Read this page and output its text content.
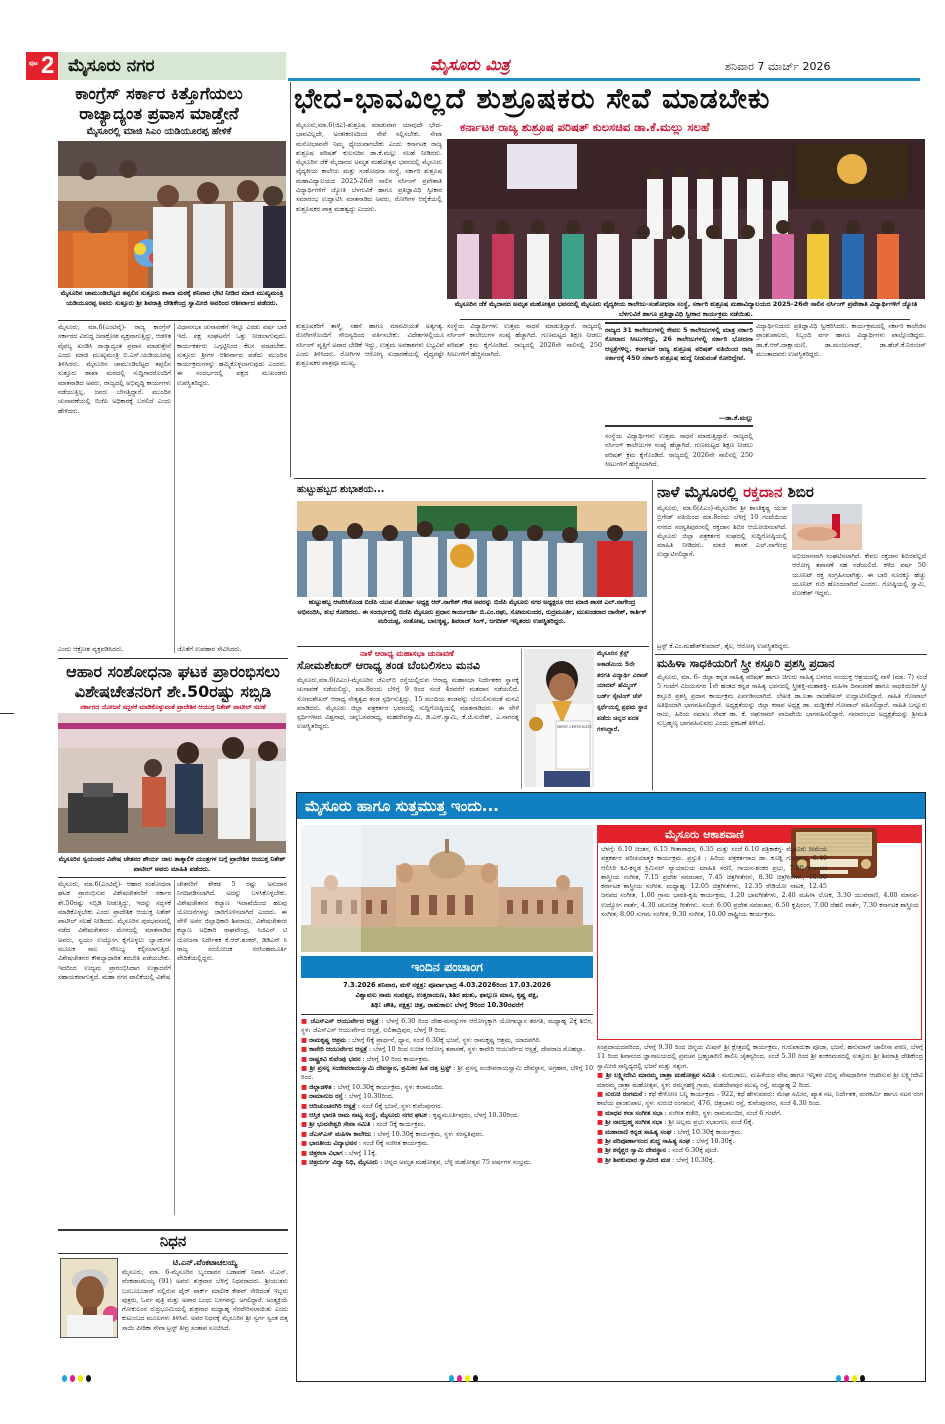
ಪುಟ 2 ಮೈಸೂರು ನಗರ	ಮೈಸೂರು ಮಿತ್ರ	ಶನಿವಾರ 7 ಮಾರ್ಚ್ 2026
ಕಾಂಗ್ರೆಸ್ ಸರ್ಕಾರ ಕಿತ್ತೊಗೆಯಲು
ರಾಜ್ಯಾದ್ಯಂತ ಪ್ರವಾಸ ಮಾಡ್ತೇನೆ
ಮೈಸೂರಲ್ಲಿ ಮಾಜಿ ಸಿಎಂ ಯಡಿಯೂರಪ್ಪ ಹೇಳಿಕೆ
ಮೈಸೂರಿನ ಚಾಮುಂಡಿಬೆಟ್ಟದ ತಪ್ಪಲಿನ ಸುತ್ತೂರು ಶಾಖಾ ಮಠಕ್ಕೆ ಶನಿವಾರ ಭೇಟಿ ನೀಡಿದ ಮಾಜಿ ಮುಖ್ಯಮಂತ್ರಿ ಯಡಿಯೂರಪ್ಪ ಅವರು ಸುತ್ತೂರು ಶ್ರೀ ಶಿವರಾತ್ರಿ ದೇಶಿಕೇಂದ್ರ ಸ್ವಾಮೀಜಿ ಅವರಿಂದ ಆಶೀರ್ವಾದ ಪಡೆದರು.
ಮೈಸೂರು, ಮಾ.6(ಎಂಟಿವೈ)- ರಾಜ್ಯ ಕಾಂಗ್ರೆಸ್ ಸರ್ಕಾರದ ವಿರುದ್ಧ ಜನಾಕ್ರೋಶ ವ್ಯಕ್ತವಾಗುತ್ತಿದ್ದು, ಆಡಳಿತ ವೈಫಲ್ಯ ಖಂಡಿಸಿ ರಾಜ್ಯಾದ್ಯಂತ ಪ್ರವಾಸ ಮಾಡುತ್ತೇನೆ ಎಂದು ಮಾಜಿ ಮುಖ್ಯಮಂತ್ರಿ ಬಿ.ಎಸ್.ಯಡಿಯೂರಪ್ಪ ತಿಳಿಸಿದರು. ಮೈಸೂರಿನ ಚಾಮುಂಡಿಬೆಟ್ಟದ ತಪ್ಪಲಿನ ಸುತ್ತೂರು ಶಾಖಾ ಮಠದಲ್ಲಿ ಸುದ್ದಿಗಾರರೊಂದಿಗೆ ಮಾತನಾಡಿದ ಅವರು, ರಾಜ್ಯದಲ್ಲಿ ಅಭಿವೃದ್ಧಿ ಕಾರ್ಯಗಳು ನಡೆಯುತ್ತಿಲ್ಲ. ಜನರು ಬೇಸತ್ತಿದ್ದಾರೆ. ಮುಂದಿನ ಚುನಾವಣೆಯಲ್ಲಿ ಬಿಜೆಪಿ ಅಧಿಕಾರಕ್ಕೆ ಬರಲಿದೆ ಎಂದು ಹೇಳಿದರು.
ವಿಧಾನಸಭಾ ಚುನಾವಣೆಗೆ ಇನ್ನೂ ಎರಡು ವರ್ಷ ಬಾಕಿ ಇದೆ. ಪಕ್ಷ ಸಂಘಟನೆಗೆ ಒತ್ತು ನೀಡಲಾಗುವುದು. ಕಾರ್ಯಕರ್ತರು ಒಗ್ಗಟ್ಟಿನಿಂದ ಕೆಲಸ ಮಾಡಬೇಕು. ಸುತ್ತೂರು ಶ್ರೀಗಳ ಆಶೀರ್ವಾದ ಪಡೆದು ಮುಂದಿನ ಕಾರ್ಯಕ್ರಮಗಳನ್ನು ಹಮ್ಮಿಕೊಳ್ಳಲಾಗುವುದು ಎಂದರು. ಈ ಸಂದರ್ಭದಲ್ಲಿ ಪಕ್ಷದ ಮುಖಂಡರು ಉಪಸ್ಥಿತರಿದ್ದರು.
ಎಂದು ಆಕ್ರೋಶ ವ್ಯಕ್ತಪಡಿಸಿದರು.	ಜೊತೆಗೆ ಉಪಹಾರ ಸೇವಿಸಿದರು.
ಆಹಾರ ಸಂಶೋಧನಾ ಘಟಕ ಪ್ರಾರಂಭಿಸಲು
ವಿಶೇಷಚೇತನರಿಗೆ ಶೇ.50ರಷ್ಟು ಸಬ್ಸಿಡಿ
ಸರ್ಕಾರದ ಯೋಜನೆ ಸದ್ಬಳಕೆ ಮಾಡಿಕೊಳ್ಳುವಂತೆ ಪ್ರಾದೇಶಿಕ ಆಯುಕ್ತ ನಿತೇಶ್ ಪಾಟೀಲ್ ಸಲಹೆ
ಮೈಸೂರಿನ ಸ್ವಯಂವರ ವಿಶೇಷ ಚೇತನರ ಶೌರ್ಯ ಜಾಲ ತಾತ್ಕಾಲಿಕ ಯಂತ್ರಗಳ ಬಗ್ಗೆ ಪ್ರಾದೇಶಿಕ ಆಯುಕ್ತ ನಿತೇಶ್ ಪಾಟೀಲ್ ಅವರು ಮಾಹಿತಿ ಪಡೆದರು.
ಮೈಸೂರು, ಮಾ.6(ಎಂಟಿವೈ)- ಆಹಾರ ಸಂಶೋಧನಾ ಘಟಕ ಪ್ರಾರಂಭಿಸುವ ವಿಶೇಷಚೇತನರಿಗೆ ಸರ್ಕಾರ ಶೇ.50ರಷ್ಟು ಸಬ್ಸಿಡಿ ನೀಡುತ್ತಿದ್ದು, ಇದನ್ನು ಸದ್ಬಳಕೆ ಮಾಡಿಕೊಳ್ಳಬೇಕು ಎಂದು ಪ್ರಾದೇಶಿಕ ಆಯುಕ್ತ ನಿತೇಶ್ ಪಾಟೀಲ್ ಸಲಹೆ ನೀಡಿದರು. ಮೈಸೂರಿನ ಪುರಭವನದಲ್ಲಿ ನಡೆದ ವಿಶೇಷಚೇತನರ ಮೇಳದಲ್ಲಿ ಮಾತನಾಡಿದ ಅವರು, ಸ್ವಯಂ ಉದ್ಯೋಗ ಕೈಗೊಳ್ಳಲು ಬ್ಯಾಂಕುಗಳ ಮೂಲಕ ಸಾಲ ಸೌಲಭ್ಯ ಕಲ್ಪಿಸಲಾಗುತ್ತಿದೆ. ವಿಶೇಷಚೇತನರ ಕೌಶಲ್ಯಾಧಾರಿತ ತರಬೇತಿ ಪಡೆಯಬೇಕು. ಇದರಿಂದ ಉದ್ಯಮ ಪ್ರಾರಂಭಿಸಿದಾಗ ಉತ್ಪಾದನೆಗೆ ಸಹಾಯಕವಾಗುತ್ತದೆ. ಮಹಾ ನಗರ ಪಾಲಿಕೆಯಲ್ಲಿ ವಿಶೇಷ
ಚೇತನರಿಗೆ ಶೇಕಡ 5 ರಷ್ಟು ಅನುದಾನ ನಿಗದಿಪಡಿಸಲಾಗಿದೆ. ಅದನ್ನು ಬಳಸಿಕೊಳ್ಳಬೇಕು. ವಿಶೇಷಚೇತನರ ಕಲ್ಯಾಣ ಇಲಾಖೆಯಿಂದ ಹಲವು ಯೋಜನೆಗಳನ್ನು ಜಾರಿಗೊಳಿಸಲಾಗಿದೆ ಎಂದರು. ಈ ವೇಳೆ ಅಪರ ಜಿಲ್ಲಾಧಿಕಾರಿ ಶಿವರಾಜು, ವಿಶೇಷಚೇತನರ ಕಲ್ಯಾಣ ಅಧಿಕಾರಿ ರಾಘವೇಂದ್ರ, ಸಿಜಿಎನ್ ಟಿ ಯೋಜನಾ ನಿರ್ದೇಶಕ ಕೆ.ಆರ್.ಶಂಕರ್, ಡಿಡಿಎನ್ ಸಿ ರಾಜ್ಯ ಸಂಯೋಜಕ ನರಸಿಂಹಮೂರ್ತಿ ವೇದಿಕೆಯಲ್ಲಿದ್ದರು.
ನಿಧನ
ಟಿ.ಎನ್.ವೆಂಕಟಾಚಲಯ್ಯ
ಮೈಸೂರು, ಮಾ. 6-ಮೈಸೂರಿನ ಬೃಂದಾವನ ಬಡಾವಣೆ ನಿವಾಸಿ ಟಿ.ಎನ್. ವೆಂಕಟಾಚಲಯ್ಯ (91) ಅವರು ಶುಕ್ರವಾರ ಬೆಳಿಗ್ಗೆ ನಿಧನರಾದರು. ಶ್ರೀಯುತರು ಬಂಬೂಬಜಾರ್ ನಲ್ಲಿರುವ ಟೈರ್ ಪಾರ್ಕ್ ಮಾಲೀಕ ಕೇಶವ್ ಸೇರಿದಂತೆ ಇಬ್ಬರು ಪುತ್ರರು, ಓರ್ವ ಪುತ್ರಿ ಮತ್ತು ಅಪಾರ ಬಂಧು ಬಳಗವನ್ನು ಅಗಲಿದ್ದಾರೆ. ಅಂತ್ಯಕ್ರಿಯೆ ಗೋಕುಲಂನ ರುದ್ರಭೂಮಿಯಲ್ಲಿ ಶುಕ್ರವಾರ ಮಧ್ಯಾಹ್ನ ನೆರವೇರಿಸಲಾಯಿತು ಎಂದು ಕುಟುಂಬದ ಮೂಲಗಳು ತಿಳಿಸಿವೆ. ಅವರ ನಿಧನಕ್ಕೆ ಮೈಸೂರಿನ ಶ್ರೀ ಸ್ವರ್ಗ ಸ್ವಂತ ದತ್ತ ಸಾಯಿ ಪೀಠಿಕಾ ಸೇವಾ ಟ್ರಸ್ಟ್ ತೀವ್ರ ಸಂತಾಪ ಸೂಚಿಸಿದೆ.
ಭೇದ-ಭಾವವಿಲ್ಲದೆ ಶುಶ್ರೂಷಕರು ಸೇವೆ ಮಾಡಬೇಕು
ಕರ್ನಾಟಕ ರಾಜ್ಯ ಶುಶ್ರೂಷ ಪರಿಷತ್ ಕುಲಸಚಿವ ಡಾ.ಕೆ.ಮಲ್ಲು ಸಲಹೆ
ಮೈಸೂರು,ಮಾ.6(ಜಿಎ)-ಶುಶ್ರೂಷ ಮಾಡುವಾಗ ಯಾವುದೇ ಭೇದ-ಭಾವವಿಲ್ಲದೇ, ಅಂತಃಕರಣದಿಂದ ಸೇವೆ ಸಲ್ಲಿಸಬೇಕು. ಸೇವಾ ಮನೋಭಾವನೇ ನಿಮ್ಮ ಧ್ಯೇಯವಾಗಬೇಕು ಎಂದು ಕರ್ನಾಟಕ ರಾಜ್ಯ ಶುಶ್ರೂಷ ಪರಿಷತ್ ಕುಲಸಚಿವ ಡಾ.ಕೆ.ಮಲ್ಲು ಸಲಹೆ ನೀಡಿದರು. ಮೈಸೂರಿನ ಜೆಕೆ ಮೈದಾನದ ಅಮೃತ ಮಹೋತ್ಸವ ಭವನದಲ್ಲಿ ಮೈಸೂರು ವೈದ್ಯಕೀಯ ಕಾಲೇಜು ಮತ್ತು ಸಂಶೋಧನಾ ಸಂಸ್ಥೆ, ಸರ್ಕಾರಿ ಶುಶ್ರೂಷ ಮಹಾವಿದ್ಯಾಲಯದ 2025-26ನೇ ಸಾಲಿನ ನರ್ಸಿಂಗ್ ಪ್ರವೇಶಾತಿ ವಿದ್ಯಾರ್ಥಿಗಳಿಗೆ ಜ್ಯೋತಿ ಬೆಳಗುವಿಕೆ ಹಾಗೂ ಪ್ರತಿಜ್ಞಾವಿಧಿ ಸ್ವೀಕಾರ ಸಮಾರಂಭ ಉದ್ಘಾಟಿಸಿ ಮಾತನಾಡಿದ ಅವರು, ರೋಗಿಗಳ ಆರೈಕೆಯಲ್ಲಿ ಶುಶ್ರೂಷಕರ ಪಾತ್ರ ಮಹತ್ವದ್ದು ಎಂದರು.
ಮೈಸೂರಿನ ಜೆಕೆ ಮೈದಾನದ ಅಮೃತ ಮಹೋತ್ಸವ ಭವನದಲ್ಲಿ ಮೈಸೂರು ವೈದ್ಯಕೀಯ ಕಾಲೇಜು-ಸಂಶೋಧನಾ ಸಂಸ್ಥೆ, ಸರ್ಕಾರಿ ಶುಶ್ರೂಷ ಮಹಾವಿದ್ಯಾಲಯದ 2025-26ನೇ ಸಾಲಿನ ನರ್ಸಿಂಗ್ ಪ್ರವೇಶಾತಿ ವಿದ್ಯಾರ್ಥಿಗಳಿಗೆ ಜ್ಯೋತಿ ಬೆಳಗುವಿಕೆ ಹಾಗೂ ಪ್ರತಿಜ್ಞಾವಿಧಿ ಸ್ವೀಕಾರ ಕಾರ್ಯಕ್ರಮ ನಡೆಯಿತು.
ಶುಶ್ರೂಷಕರಿಗೆ ತಾಳ್ಮೆ, ಸಹನೆ ಹಾಗೂ ಮಾನವೀಯತೆ ಅತ್ಯಗತ್ಯ. ರೋಗಿಗಳೊಂದಿಗೆ ಸೌಜನ್ಯದಿಂದ ವರ್ತಿಸಬೇಕು. ವಿದೇಶಗಳಲ್ಲಿಯೂ ನರ್ಸಿಂಗ್ ವೃತ್ತಿಗೆ ಅಪಾರ ಬೇಡಿಕೆ ಇದ್ದು, ಉತ್ತಮ ಅವಕಾಶಗಳು ಲಭ್ಯವಿವೆ ಎಂದು ತಿಳಿಸಿದರು. ರೋಗಿಗಳ ಆರೋಗ್ಯ ಸುಧಾರಣೆಯಲ್ಲಿ ವೈದ್ಯರಷ್ಟೇ ಶುಶ್ರೂಷಕರ ಪಾತ್ರವೂ ಮುಖ್ಯ.
ಸಂಸ್ಥೆಯ ವಿದ್ಯಾರ್ಥಿಗಳು ಉತ್ತಮ ಸಾಧನೆ ಮಾಡುತ್ತಿದ್ದಾರೆ. ರಾಜ್ಯದಲ್ಲಿ ನರ್ಸಿಂಗ್ ಕಾಲೇಜುಗಳ ಸಂಖ್ಯೆ ಹೆಚ್ಚಾಗಿದೆ. ಗುಣಮಟ್ಟದ ಶಿಕ್ಷಣ ನೀಡಲು ಪರಿಷತ್ ಕ್ರಮ ಕೈಗೊಂಡಿದೆ. ರಾಜ್ಯದಲ್ಲಿ 2026ನೇ ಸಾಲಿನಲ್ಲಿ 250 ಸೀಟುಗಳಿಗೆ ಹೆಚ್ಚಿಸಲಾಗಿದೆ.
ರಾಜ್ಯದ 31 ಕಾಲೇಜುಗಳಲ್ಲಿ ಕೇವಲ 5 ಕಾಲೇಜುಗಳಲ್ಲಿ ಮಾತ್ರ ಸರ್ಕಾರಿ ಕೋಟಾದ ಸೀಟುಗಳಿದ್ದು, 26 ಕಾಲೇಜುಗಳಲ್ಲಿ ಸರ್ಕಾರಿ ಭೋದನಾ ಆಸ್ಪತ್ರೆಗಳಿಲ್ಲ. ಕರ್ನಾಟಕ ರಾಜ್ಯ ಶುಶ್ರೂಷ ಪರಿಷತ್ ವತಿಯಿಂದ ರಾಜ್ಯ ಸರ್ಕಾರಕ್ಕೆ 450 ಸರ್ಕಾರಿ ಶುಶ್ರೂಷ ಹುದ್ದೆ ನೀಡುವಂತೆ ಕೋರಿದ್ದೇವೆ.
—ಡಾ.ಕೆ.ಮಲ್ಲು
ಸಂಸ್ಥೆಯ ವಿದ್ಯಾರ್ಥಿಗಳು ಉತ್ತಮ ಸಾಧನೆ ಮಾಡುತ್ತಿದ್ದಾರೆ. ರಾಜ್ಯದಲ್ಲಿ ನರ್ಸಿಂಗ್ ಕಾಲೇಜುಗಳ ಸಂಖ್ಯೆ ಹೆಚ್ಚಾಗಿದೆ. ಗುಣಮಟ್ಟದ ಶಿಕ್ಷಣ ನೀಡಲು ಪರಿಷತ್ ಕ್ರಮ ಕೈಗೊಂಡಿದೆ. ರಾಜ್ಯದಲ್ಲಿ 2026ನೇ ಸಾಲಿನಲ್ಲಿ 250 ಸೀಟುಗಳಿಗೆ ಹೆಚ್ಚಿಸಲಾಗಿದೆ.
ವಿದ್ಯಾರ್ಥಿನಿಯರು ಪ್ರತಿಜ್ಞಾವಿಧಿ ಸ್ವೀಕರಿಸಿದರು. ಕಾರ್ಯಕ್ರಮದಲ್ಲಿ ಸರ್ಕಾರಿ ಕಾಲೇಜಿನ ಪ್ರಾಂಶುಪಾಲರು, ಸಿಬ್ಬಂದಿ ವರ್ಗ ಹಾಗೂ ವಿದ್ಯಾರ್ಥಿಗಳು ಪಾಲ್ಗೊಂಡಿದ್ದರು. ಡಾ.ಕೆ.ಆರ್.ದಾಕ್ಷಾಯಣಿ, ಡಾ.ಮಂಜುನಾಥ್, ಡಾ.ಹೆಚ್.ಕೆ.ನಿರಂಜನ್ ಮುಂತಾದವರು ಉಪಸ್ಥಿತರಿದ್ದರು.
ಹುಟ್ಟುಹಬ್ಬದ ಶುಭಾಶಯ...
ಹುಟ್ಟುಹಬ್ಬ ಆಚರಿಸಿಕೊಂಡ ಬಿಜೆಪಿ ಯುವ ಮೋರ್ಚಾ ಅಧ್ಯಕ್ಷ ಆರ್.ನಾಗೇಶ್ ಗೌಡ ಅವರನ್ನು ಬಿಜೆಪಿ ಮೈಸೂರು ನಗರ ಅಧ್ಯಕ್ಷರೂ ಆದ ಮಾಜಿ ಶಾಸಕ ಎಲ್.ನಾಗೇಂದ್ರ ಅಭಿನಂದಿಸಿ, ಶುಭ ಕೋರಿದರು. ಈ ಸಂದರ್ಭದಲ್ಲಿ ಬಿಜೆಪಿ ಮೈಸೂರು ಪ್ರಧಾನ ಕಾರ್ಯದರ್ಶಿ ಬಿ.ಎಂ.ರಘು, ಸೋಮಸುಂದರ, ರುದ್ರಮೂರ್ತಿ, ಮುಖಂಡರಾದ ದಾನೇಶ್, ಕಾರ್ತಿಕ್ ಮರಿಯಪ್ಪ, ಸಂತೋಷ, ಬಾಲಕೃಷ್ಣ, ಶಿವರಾಜ್ ಸಿಂಗ್, ಜಗದೀಶ್ ಇನ್ನಿತರರು ಉಪಸ್ಥಿತರಿದ್ದರು.
ನಾಳೆ ಆರಾಧ್ಯ ಮಹಾಸಭಾ ಚುನಾವಣೆ
ಸೋಮಶೇಖರ್ ಆರಾಧ್ಯ ತಂಡ ಬೆಂಬಲಿಸಲು ಮನವಿ
ಮೈಸೂರು,ಮಾ.6(ಪಿಎಂ)-ಮೈಸೂರಿನ ಜೆಎಲ್‌ಬಿ ರಸ್ತೆಯಲ್ಲಿರುವ ಆರಾಧ್ಯ ಮಹಾಸಭಾ ನಿರ್ದೇಶಕರ ಸ್ಥಾನಕ್ಕೆ ಚುನಾವಣೆ ನಡೆಯಲಿದ್ದು, ಮಾ.8ರಂದು ಬೆಳಿಗ್ಗೆ 9 ರಿಂದ ಸಂಜೆ 4ರವರೆಗೆ ಮತದಾನ ನಡೆಯಲಿದೆ. ಸೋಮಶೇಖರ್ ಆರಾಧ್ಯ ನೇತೃತ್ವದ ತಂಡ ಸ್ಪರ್ಧಿಸುತ್ತಿದ್ದು, 15 ಮಂದಿಯ ತಂಡವನ್ನು ಬೆಂಬಲಿಸುವಂತೆ ಮನವಿ ಮಾಡಿದರು. ಮೈಸೂರು ಜಿಲ್ಲಾ ಪತ್ರಕರ್ತರ ಭವನದಲ್ಲಿ ಸುದ್ದಿಗೋಷ್ಠಿಯಲ್ಲಿ ಮಾತನಾಡಿದರು. ಈ ವೇಳೆ ಸ್ಪರ್ಧಿಗಳಾದ ವಿಶ್ವನಾಥ, ಚನ್ನಬಸವರಾಧ್ಯ, ಮಹದೇವಸ್ವಾಮಿ, ಡಿ.ಎಸ್.ಸ್ವಾಮಿ, ಕೆ.ಜಿ.ಸುರೇಶ್, ಎ.ನಾಗರತ್ನ ಉಪಸ್ಥಿತರಿದ್ದರು.	MERIT CERTIFICATE
ಮೈಸೂರಿನ ಕ್ರೆಸ್ಟ್ ಅಕಾಡೆಮಿಯ 5ನೇ ತರಗತಿ ವಿದ್ಯಾರ್ಥಿ ವಿರಾಜ್ ಯಾದವ್ ಹೆಮ್ಮಿಂಗ್ ಬರ್ಡ್ ಸ್ಕೇಟಿಂಗ್ ಚೆಸ್ ಸ್ಪರ್ಧೆಯಲ್ಲಿ ಪ್ರಥಮ ಸ್ಥಾನ ಪಡೆದು ಚಿನ್ನದ ಪದಕ ಗಳಿಸಿದ್ದಾರೆ.
ನಾಳೆ ಮೈಸೂರಲ್ಲಿ ರಕ್ತದಾನ ಶಿಬಿರ
ಮೈಸೂರು, ಮಾ.6(ಪಿಎಂ)-ಮೈಸೂರಿನ ಶ್ರೀ ಶಾಂತಿಕೃಷ್ಣ ಯುವ ಬ್ರಿಗೇಡ್ ವತಿಯಿಂದ ಮಾ.8ರಂದು ಬೆಳಿಗ್ಗೆ 10 ಗಂಟೆಯಿಂದ ನಗರದ ಸರಸ್ವತಿಪುರಂನಲ್ಲಿ ರಕ್ತದಾನ ಶಿಬಿರ ಆಯೋಜಿಸಲಾಗಿದೆ. ಮೈಸೂರು ಜಿಲ್ಲಾ ಪತ್ರಕರ್ತರ ಸಂಘದಲ್ಲಿ ಸುದ್ದಿಗೋಷ್ಠಿಯಲ್ಲಿ ಮಾಹಿತಿ ನೀಡಿದರು. ಮಾಜಿ ಶಾಸಕ ಎಲ್.ನಾಗೇಂದ್ರ ಉದ್ಘಾಟಿಸಲಿದ್ದಾರೆ.	ಅಭಿಯಾನವಾಗಿ ಸಂಘಟಿಸಲಾಗಿದೆ. ಕೇವಲ ರಕ್ತದಾನ ಶಿಬಿರವಲ್ಲದೆ ಆರೋಗ್ಯ ತಪಾಸಣೆ ಸಹ ನಡೆಯಲಿದೆ. ಕಳೆದ ವರ್ಷ 50 ಯೂನಿಟ್ ರಕ್ತ ಸಂಗ್ರಹಿಸಲಾಗಿತ್ತು. ಈ ಬಾರಿ ನೂರಕ್ಕೂ ಹೆಚ್ಚು ಯೂನಿಟ್ ಗುರಿ ಹೊಂದಲಾಗಿದೆ ಎಂದರು. ಗೋಷ್ಠಿಯಲ್ಲಿ ಸ್ವಾಮಿ, ಲೋಕೇಶ್ ಇದ್ದರು.
ಟ್ರಸ್ಟ್ ಕೆ.ಎಂ.ಮಹೇಶ್‌ಕುಮಾರ್, ತೈಲ, ಆರೋಗ್ಯ ಉಪಸ್ಥಿತರಿದ್ದರು.
ಮಹಿಳಾ ಸಾಧಕಿಯರಿಗೆ ಸ್ತ್ರೀ ಕಸ್ತೂರಿ ಪ್ರಶಸ್ತಿ ಪ್ರದಾನ
ಮೈಸೂರು, ಮಾ. 6- ಜಿಲ್ಲಾ ಕನ್ನಡ ಸಾಹಿತ್ಯ ಪರಿಷತ್ ಹಾಗೂ ಚಿಗುರು ಸಾಹಿತ್ಯ ಬಳಗದ ಸಂಯುಕ್ತ ಆಶ್ರಯದಲ್ಲಿ ನಾಳೆ (ಮಾ. 7) ಸಂಜೆ 5 ಗಂಟೆಗೆ ವಿಜಯನಗರ 1ನೇ ಹಂತದ ಕನ್ನಡ ಸಾಹಿತ್ಯ ಭವನದಲ್ಲಿ ಸ್ತ್ರೀಶಕ್ತಿ-ಮಹಾಶಕ್ತಿ- ಮಹಿಳಾ ದಿನಾಚರಣೆ ಹಾಗೂ ಸಾಧಕಿಯರಿಗೆ ಸ್ತ್ರೀ ಕಸ್ತೂರಿ ಪ್ರಶಸ್ತಿ ಪ್ರದಾನ ಕಾರ್ಯಕ್ರಮ ಏರ್ಪಡಿಸಲಾಗಿದೆ. ಲೇಖಕಿ ಡಾ.ಲತಾ ರಾಜಶೇಖರ್ ಉದ್ಘಾಟಿಸಲಿದ್ದಾರೆ. ಸಾಹಿತಿ ಗೋಪಾಲ್ ಅತಿಥಿಯಾಗಿ ಭಾಗವಹಿಸಲಿದ್ದಾರೆ. ಅಧ್ಯಕ್ಷತೆಯನ್ನು ಜಿಲ್ಲಾ ಕಸಾಪ ಅಧ್ಯಕ್ಷ ಡಾ. ಮಡ್ಡೀಕೆರೆ ಗೋಪಾಲ್ ವಹಿಸಲಿದ್ದಾರೆ. ಸಾಹಿತಿ ಬನ್ನೂರು ರಾಜು, ಹಿರಿಯ ಸಮಾಜ ಸೇವಕ ಡಾ. ಕೆ. ರಘುರಾಮ್ ವಾಜಪೇಯಿ ಭಾಗವಹಿಸಲಿದ್ದಾರೆ. ಸಮಾರಂಭದ ಅಧ್ಯಕ್ಷತೆಯನ್ನು ಶ್ರೀಮತಿ ಸುಬ್ರಹ್ಮಣ್ಯ ಭಾಗವಹಿಸುವರು ಎಂದು ಪ್ರಕಟಣೆ ತಿಳಿಸಿದೆ.
ಮೈಸೂರು ಹಾಗೂ ಸುತ್ತಮುತ್ತ ಇಂದು...
ಇಂದಿನ ಪಂಚಾಂಗ
7.3.2026 ಶನಿವಾರ, ಮಳೆ ನಕ್ಷತ್ರ: ಪೂರ್ವಾಭಾದ್ರ 4.03.2026ರಿಂದ 17.03.2026
ವಿಶ್ವಾವಸು ನಾಮ ಸಂವತ್ಸರ, ಉತ್ತರಾಯಣ, ಶಿಶಿರ ಋತು, ಫಾಲ್ಗುಣ ಮಾಸ, ಕೃಷ್ಣ ಪಕ್ಷ,
ತಿಥಿ: ಚೌತಿ, ನಕ್ಷತ್ರ: ಚಿತ್ರ, ರಾಹುಕಾಲ: ಬೆಳಗ್ಗೆ 9ರಿಂದ 10.30ರವರೆಗೆ
■ ಜೆಎಸ್‌ಎಸ್ ಆಯುರ್ವೇದ ಆಸ್ಪತ್ರೆ : ಬೆಳಗ್ಗೆ 6.30 ರಿಂದ ದೇಹ-ಮನಸ್ಸುಗಳ ಆರೋಗ್ಯಕ್ಕಾಗಿ ಯೋಗಾಭ್ಯಾಸ ತರಗತಿ, ಮಧ್ಯಾಹ್ನ 2ಕ್ಕೆ ಶಿಬಿರ, ಸ್ಥಳ: ಜೆಎಸ್‌ಎಸ್ ಆಯುರ್ವೇದ ಆಸ್ಪತ್ರೆ, ಲಲಿತಾದ್ರಿಪುರ, ಬೆಳಗ್ಗೆ 9 ರಿಂದ.
■ ರಾಮಕೃಷ್ಣ ಆಶ್ರಮ : ಬೆಳಗ್ಗೆ 6ಕ್ಕೆ ಪ್ರಾರ್ಥನೆ, ಧ್ಯಾನ, ಸಂಜೆ 6.30ಕ್ಕೆ ಭಜನೆ, ಸ್ಥಳ: ರಾಮಕೃಷ್ಣ ಆಶ್ರಮ, ಯಾದವಗಿರಿ.
■ ಕಾವೇರಿ ಆಯುರ್ವೇದ ಆಸ್ಪತ್ರೆ : ಬೆಳಗ್ಗೆ 10 ರಿಂದ ಉಚಿತ ಆರೋಗ್ಯ ತಪಾಸಣೆ, ಸ್ಥಳ: ಕಾವೇರಿ ಆಯುರ್ವೇದ ಆಸ್ಪತ್ರೆ, ದೇವರಾಜ ಮೊಹಲ್ಲಾ.
■ ರಾಷ್ಟ್ರಕವಿ ಕುವೆಂಪು ಭವನ : ಬೆಳಗ್ಗೆ 10 ರಿಂದ ಕಾರ್ಯಕ್ರಮ.
■ ಶ್ರೀ ಪ್ರಸನ್ನ ಸಂಜೀವರಾಯಸ್ವಾಮಿ ದೇವಸ್ಥಾನ, ಶ್ರಮಿಕರ ಹಿತ ದತ್ತ ಟ್ರಸ್ಟ್ : ಶ್ರೀ ಪ್ರಸನ್ನ ಸಂಜೀವರಾಯಸ್ವಾಮಿ ದೇವಸ್ಥಾನ, ಅಗ್ರಹಾರ, ಬೆಳಿಗ್ಗೆ 10 ರಿಂದ.
■ ಜಿಲ್ಲಾಡಳಿತ : ಬೆಳಗ್ಗೆ 10.30ಕ್ಕೆ ಕಾರ್ಯಕ್ರಮ, ಸ್ಥಳ: ಕಲಾಮಂದಿರ.
■ ರಾಮಾನುಜ ರಸ್ತೆ : ಬೆಳಗ್ಗೆ 10.30ರಿಂದ.
■ ಆದಿಚುಂಚನಗಿರಿ ಆಸ್ಪತ್ರೆ : ಸಂಜೆ 6ಕ್ಕೆ ಭಜನೆ, ಸ್ಥಳ: ಕುವೆಂಪುನಗರ.
■ ಆಸ್ತಿಕ ಭಾರತಿ ರಾಮ ನಾಟ್ಯ ಸಂಸ್ಥೆ, ಮೈಸೂರು ನಗರ ಘಟಕ : ಕೃಷ್ಣಮೂರ್ತಿಪುರಂ, ಬೆಳಗ್ಗೆ 10.30ರಿಂದ.
■ ಶ್ರೀ ಭುವನೇಶ್ವರಿ ಸೇವಾ ಸಮಿತಿ : ಸಂಜೆ 5ಕ್ಕೆ ಕಾರ್ಯಕ್ರಮ.
■ ಜೆಎಸ್‌ಎಸ್ ಮಹಿಳಾ ಕಾಲೇಜು : ಬೆಳಗ್ಗೆ 10.30ಕ್ಕೆ ಕಾರ್ಯಕ್ರಮ, ಸ್ಥಳ: ಸರಸ್ವತಿಪುರಂ.
■ ಭಾರತೀಯ ವಿದ್ಯಾಭವನ : ಸಂಜೆ 6ಕ್ಕೆ ಸಂಗೀತ ಕಾರ್ಯಕ್ರಮ.
■ ಚಿತ್ರಕಲಾ ವಿಭಾಗ : ಬೆಳಗ್ಗೆ 11ಕ್ಕೆ.
■ ಚಿತ್ರದುರ್ಗ ವಿದ್ಯಾ ನಿಧಿ, ಮೈಸೂರು : ಚಿನ್ನದ ಅಮೃತ ಮಹೋತ್ಸವ, ಬೆಳ್ಳಿ ಮಹೋತ್ಸವ 75 ವರ್ಷಗಳ ಸಂಭ್ರಮ.
ಮೈಸೂರು ಆಕಾಶವಾಣಿ
ಬೆಳಗ್ಗೆ: 6.10 ಚಿಂತನ, 6.15 ಗೀತಾರಾಧನ, 6.35 ಮತ್ತು ಸಂಜೆ 6.10 ಪತ್ರಿಕಾಕಗ್ದ- ಮೈಸೂರು ಸೀಮೆಯ ಪತ್ರಕರ್ತರ ಪರಿಚಯಾತ್ಮಕ ಕಾರ್ಯಕ್ರಮ. ಪ್ರಸ್ತುತಿ : ಹಿರಿಯ ಪತ್ರಕರ್ತರಾದ ಡಾ. ಕೂಡ್ಲಿ ಗುರುರಾಜ, 6.40 ಆಲಿಸಿರಿ ಕಿವಿ-ಕನ್ನಡ ಕ್ರಿಮಿನಲ್ ನ್ಯಾಯಾಲಯ ಮಾಹಿತಿ ಸರಣಿ, ಗಾಯನ-ಶಂಕರ ಪ್ರಭು, 7.00 ಕರ್ನಾಟಕ ಶಾಸ್ತ್ರೀಯ ಸಂಗೀತ, 7.15 ಪ್ರದೇಶ ಸಮಾಚಾರ, 7.45 ಚಿತ್ರಗೀತೆಗಳು, 8.30 ಚಿತ್ರಗೀತೆಗಳು, 10.00 ಕರ್ನಾಟಕ ಶಾಸ್ತ್ರೀಯ ಸಂಗೀತ. ಮಧ್ಯಾಹ್ನ: 12.05 ಚಿತ್ರಗೀತೆಗಳು, 12.35 ರೇಡಿಯೋ ನಾಟಕ, 12.45 ಜನಪದ ಸಂಗೀತ, 1.00 ಗ್ರಾಮ ಭಾರತಿ-ಕೃಷಿ ಕಾರ್ಯಕ್ರಮ, 1.20 ಭಾವಗೀತೆಗಳು, 2.40 ಮಹಿಳಾ ಲೋಕ, 3.30 ಯುವವಾಣಿ, 4.00 ಮಾನವ-ಉದ್ಯೋಗ ವಾರ್ತೆ, 4.30 ಚಲನಚಿತ್ರ ಗೀತೆಗಳು. ಸಂಜೆ: 6.00 ಪ್ರದೇಶ ಸಮಾಚಾರ, 6.50 ಕೃಷಿರಂಗ, 7.00 ದೆಹಲಿ ವಾರ್ತೆ, 7.30 ಕರ್ನಾಟಕ ಶಾಸ್ತ್ರೀಯ ಸಂಗೀತ, 8.00 ಸುಗಮ ಸಂಗೀತ, 9.30 ಸಂಗೀತ, 10.00 ರಾಷ್ಟ್ರೀಯ ಕಾರ್ಯಕ್ರಮ.
ಸಂಪ್ರದಾಯದವರಿಂದ, ಬೆಳಗ್ಗೆ 9.30 ರಿಂದ ಚಿನ್ಮಯ ಮಿಷನ್ ಶ್ರೀ ಕ್ಷೇತ್ರದಲ್ಲಿ ಕಾರ್ಯಕ್ರಮ, ಗುರುಪಾದುಕಾ ಪೂಜಾ, ಭಜನೆ, ಹನುಮಾನ್ ಚಾಲೀಸಾ ಪಠಣ, ಬೆಳಗ್ಗೆ 11 ರಿಂದ ಶಿವಾನಂದ ಜ್ಞಾನಾಲಯದಲ್ಲಿ ಪ್ರವಚನ ಬ್ರಹ್ಮಚಾರಿಣಿ ಶಾಲಿನಿ ಚೈತನ್ಯರಿಂದ, ಸಂಜೆ 5.30 ರಿಂದ ಶ್ರೀ ಶಂಕರಮಠದಲ್ಲಿ ಸುತ್ತೂರು ಶ್ರೀ ಶಿವರಾತ್ರಿ ದೇಶಿಕೇಂದ್ರ ಸ್ವಾಮೀಜಿ ಸಾನ್ನಿಧ್ಯದಲ್ಲಿ ಭಜನೆ ಮತ್ತು ಸತ್ಸಂಗ.
■ ಶ್ರೀ ಲಕ್ಷ್ಮೀದೇವಿ ಮಾರಮ್ಮ ಜಾತ್ರಾ ಮಹೋತ್ಸವ ಸಮಿತಿ : ಮರುಜಾಲು, ಮಹಿಳೆಯರ ವೇಷ ಹಾಗೂ ಇನ್ನಿತರ ವಿಭಿನ್ನ ವೇಷಧಾರಿಗಳ ಆಚರಿಸುವ ಶ್ರೀ ಲಕ್ಷ್ಮೀದೇವಿ ಮಾರಮ್ಮ ಜಾತ್ರಾ ಮಹೋತ್ಸವ, ಸ್ಥಳ: ರಮ್ಮನಹಳ್ಳಿ ಗ್ರಾಮ, ಮಹದೇವಪುರ ಮುಖ್ಯ ರಸ್ತೆ, ಮಧ್ಯಾಹ್ನ 2 ರಿಂದ.
■ ಸುರುಚಿ ರಂಗಮನೆ : ಕಥೆ ಕೇಳೋಣ ಬನ್ನಿ ಕಾರ್ಯಕ್ರಮ - 922, ಕಥೆ ಹೇಳುವವರು: ಮೇಘ ಸಮೀರ, ಖ್ಯಾತ ನಟ, ನಿರ್ದೇಶಕ, ರಂಗಕರ್ಮಿ ಹಾಗೂ ನಟನ ರಂಗ ಶಾಲೆಯ ಪ್ರಾಂಶುಪಾಲ, ಸ್ಥಳ: ಸುರುಚಿ ರಂಗಮನೆ, 476, ಚಿತ್ರಭಾನು ರಸ್ತೆ, ಕುವೆಂಪುನಗರ, ಸಂಜೆ 4.30 ರಿಂದ.
■ ಮಾಧವ ಕಲಾ ಸಂಗೀತ ಸಭಾ : ಸಂಗೀತ ಕಚೇರಿ, ಸ್ಥಳ: ರಾಮಮಂದಿರ, ಸಂಜೆ 6 ಗಂಟೆಗೆ.
■ ಶ್ರೀ ನಾದಬ್ರಹ್ಮ ಸಂಗೀತ ಸಭಾ : ಶ್ರೀ ಅಲ್ಲಮ ಪ್ರಭು ಸಭಾಂಗಣ, ಸಂಜೆ 6ಕ್ಕೆ.
■ ಮಹಾರಾಣಿ ಕನ್ನಡ ಸಾಹಿತ್ಯ ಸಂಘ : ಬೆಳಗ್ಗೆ 10.30ಕ್ಕೆ ಕಾರ್ಯಕ್ರಮ.
■ ಶ್ರೀ ಪರಿಪೂರ್ಣಾನಂದ ಶುದ್ಧ ಸಾಹಿತ್ಯ ಸಂಘ : ಬೆಳಗ್ಗೆ 10.30ಕ್ಕೆ.
■ ಶ್ರೀ ಶನೈಶ್ಚರ ಸ್ವಾಮಿ ದೇವಸ್ಥಾನ : ಸಂಜೆ 6.30ಕ್ಕೆ ಪೂಜೆ.
■ ಶ್ರೀ ಶಿವಕುಮಾರ ಸ್ವಾಮೀಜಿ ಮಠ : ಬೆಳಗ್ಗೆ 10.30ಕ್ಕೆ.
